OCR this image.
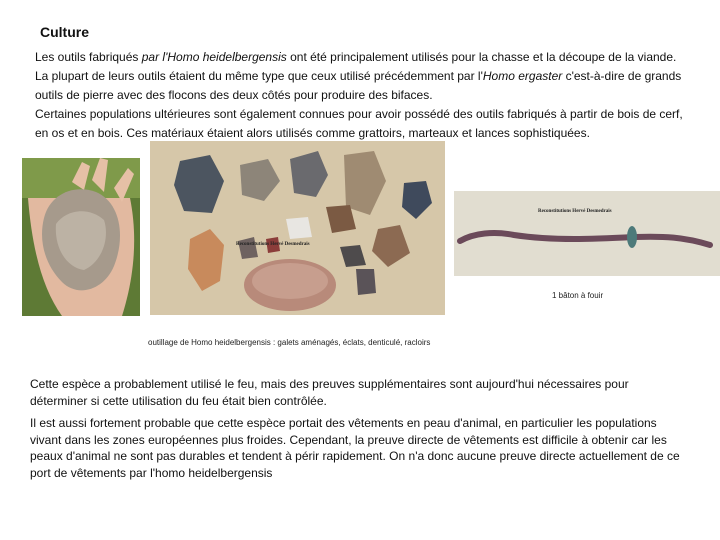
Culture

Les outils fabriqués par l'Homo heidelbergensis ont été principalement utilisés pour la chasse et la découpe de la viande. La plupart de leurs outils étaient du même type que ceux utilisé précédemment par l'Homo ergaster c'est-à-dire de grands outils de pierre avec des flocons des deux côtés pour produire des bifaces.

Certaines populations ultérieures sont également connues pour avoir possédé des outils fabriqués à partir de bois de cerf, en os et en bois. Ces matériaux étaient alors utilisés comme grattoirs, marteaux et lances sophistiquées.

Reconstitutions Hervé Desmedrais
Reconstitutions Hervé Desmedrais
1 bâton à fouir
outillage de Homo heidelbergensis : galets aménagés, éclats, denticulé, racloirs

Cette espèce a probablement utilisé le feu, mais des preuves supplémentaires sont aujourd'hui nécessaires pour déterminer si cette utilisation du feu était bien contrôlée.

Il est aussi fortement probable que cette espèce portait des vêtements en peau d'animal, en particulier les populations vivant dans les zones européennes plus froides. Cependant, la preuve directe de vêtements est difficile à obtenir car les peaux d'animal ne sont pas durables et tendent à périr rapidement. On n'a donc aucune preuve directe actuellement de ce port de vêtements par l'homo heidelbergensis
